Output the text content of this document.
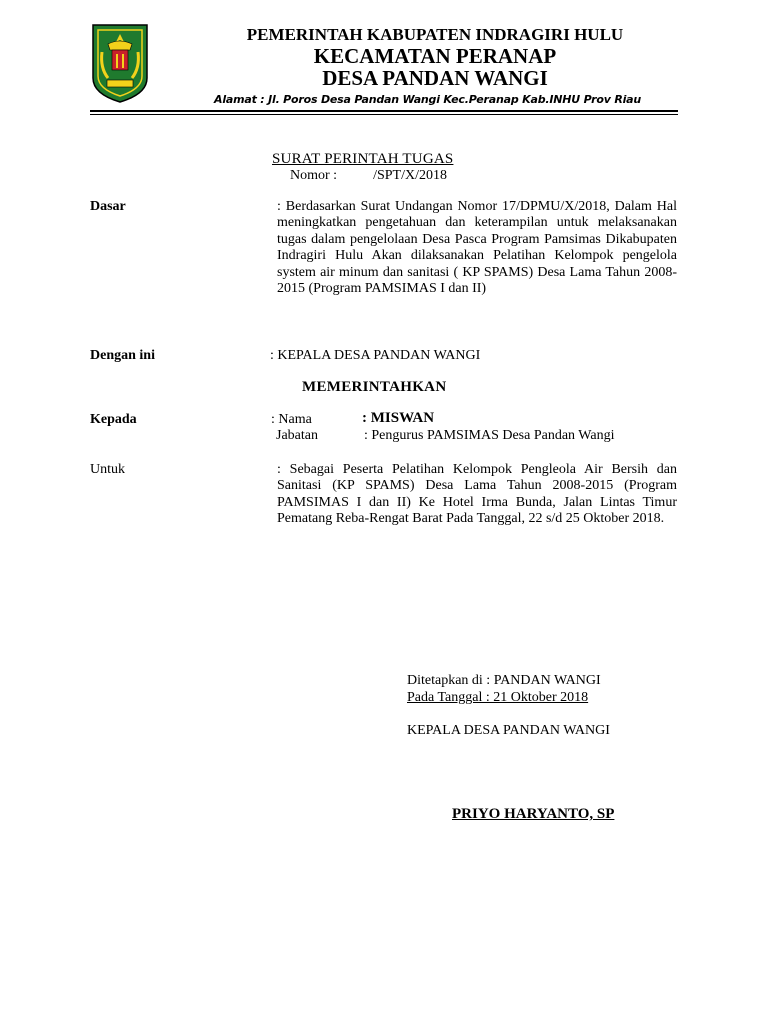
PEMERINTAH KABUPATEN INDRAGIRI HULU
KECAMATAN PERANAP
DESA PANDAN WANGI
Alamat : Jl. Poros Desa Pandan Wangi Kec.Peranap Kab.INHU Prov Riau
SURAT PERINTAH TUGAS
Nomor :	/SPT/X/2018
Dasar	: Berdasarkan Surat Undangan Nomor 17/DPMU/X/2018, Dalam Hal meningkatkan pengetahuan dan keterampilan untuk melaksanakan tugas dalam pengelolaan Desa Pasca Program Pamsimas Dikabupaten Indragiri Hulu Akan dilaksanakan Pelatihan Kelompok pengelola system air minum dan sanitasi ( KP SPAMS) Desa Lama Tahun 2008-2015 (Program PAMSIMAS I dan II)
Dengan ini	: KEPALA DESA PANDAN WANGI
MEMERINTAHKAN
Kepada	: Nama	: MISWAN
Jabatan	: Pengurus PAMSIMAS Desa Pandan Wangi
Untuk	: Sebagai Peserta Pelatihan Kelompok Pengleola Air Bersih dan Sanitasi (KP SPAMS) Desa Lama Tahun 2008-2015 (Program PAMSIMAS I dan II) Ke Hotel Irma Bunda, Jalan Lintas Timur Pematang Reba-Rengat Barat Pada Tanggal, 22 s/d 25 Oktober 2018.
Ditetapkan di : PANDAN WANGI
Pada Tanggal : 21 Oktober 2018
KEPALA DESA PANDAN WANGI
PRIYO HARYANTO, SP
